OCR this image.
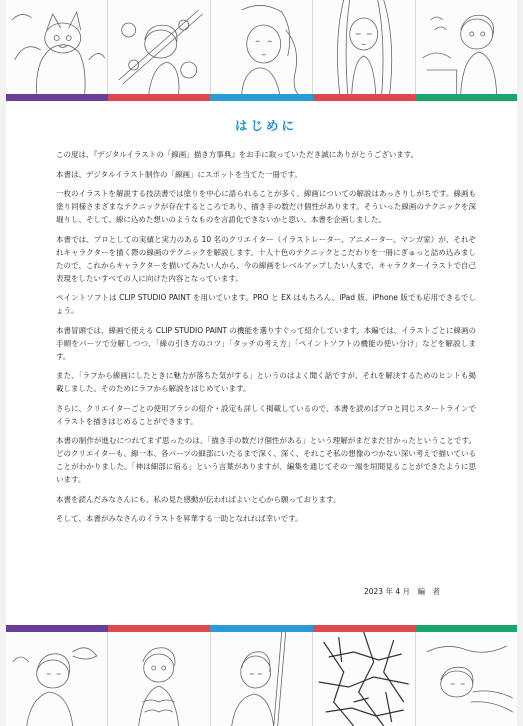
はじめに

この度は、『デジタルイラストの「線画」描き方事典』をお手に取っていただき誠にありがとうございます。

本書は、デジタルイラスト制作の「線画」にスポットを当てた一冊です。

一枚のイラストを解説する技法書では塗りを中心に語られることが多く、線画についての解説はあっさりしがちです。線画も塗り同様さまざまなテクニックが存在するところであり、描き手の数だけ個性があります。そういった線画のテクニックを深堀りし、そして、線に込めた想いのようなものを言語化できないかと思い、本書を企画しました。

本書では、プロとしての実績と実力のある 10 名のクリエイター（イラストレーター、アニメーター、マンガ家）が、それぞれキャラクターを描く際の線画のテクニックを解説します。十人十色のテクニックとこだわりを一冊にぎゅっと詰め込みましたので、これからキャラクターを描いてみたい人から、今の線画をレベルアップしたい人まで、キャラクターイラストで自己表現をしたいすべての人に向けた内容となっています。

ペイントソフトは CLIP STUDIO PAINT を用いています。PRO と EX はもちろん、iPad 版、iPhone 版でも応用できるでしょう。

本書冒頭では、線画で使える CLIP STUDIO PAINT の機能を選りすぐって紹介しています。本編では、イラストごとに線画の手順をパーツで分解しつつ、「線の引き方のコツ」「タッチの考え方」「ペイントソフトの機能の使い分け」などを解説します。

また、「ラフから線画にしたときに魅力が落ちた気がする」というのはよく聞く話ですが、それを解決するためのヒントも掲載しました。そのためにラフから解説をはじめています。

さらに、クリエイターごとの使用ブラシの紹介・設定も詳しく掲載しているので、本書を読めばプロと同じスタートラインでイラストを描きはじめることができます。

本書の制作が進むにつれてまず思ったのは、「描き手の数だけ個性がある」という理解がまだまだ甘かったということです。どのクリエイターも、線一本、各パーツの細部にいたるまで深く、深く、それこそ私の想像のつかない深い考えで描いていることがわかりました。「神は細部に宿る」という言葉がありますが、編集を通じてその一端を垣間見ることができたように思います。

本書を読んだみなさんにも、私の見た感動が伝わればよいと心から願っております。

そして、本書がみなさんのイラストを昇華する一助となれれば幸いです。

2023 年 4 月　編　者
